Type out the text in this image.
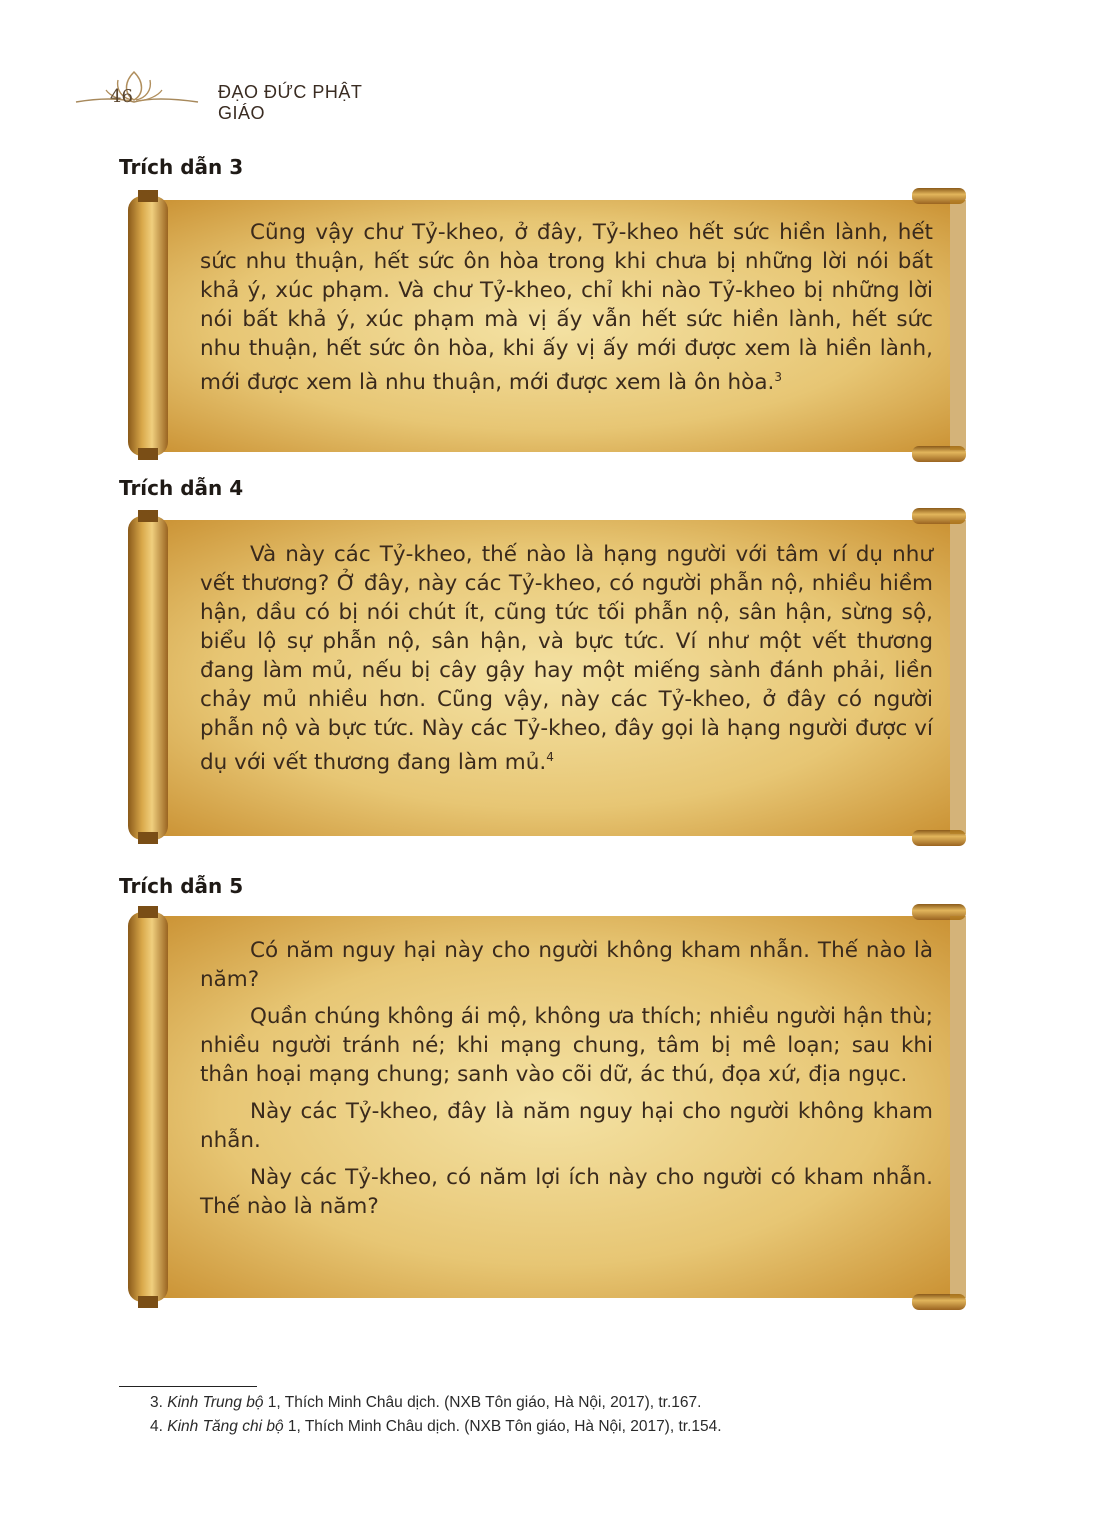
46	ĐẠO ĐỨC PHẬT GIÁO
Trích dẫn 3

Cũng vậy chư Tỷ-kheo, ở đây, Tỷ-kheo hết sức hiền lành, hết sức nhu thuận, hết sức ôn hòa trong khi chưa bị những lời nói bất khả ý, xúc phạm. Và chư Tỷ-kheo, chỉ khi nào Tỷ-kheo bị những lời nói bất khả ý, xúc phạm mà vị ấy vẫn hết sức hiền lành, hết sức nhu thuận, hết sức ôn hòa, khi ấy vị ấy mới được xem là hiền lành, mới được xem là nhu thuận, mới được xem là ôn hòa.$^3$

Trích dẫn 4

Và này các Tỷ-kheo, thế nào là hạng người với tâm ví dụ như vết thương? Ở đây, này các Tỷ-kheo, có người phẫn nộ, nhiều hiềm hận, dầu có bị nói chút ít, cũng tức tối phẫn nộ, sân hận, sừng sộ, biểu lộ sự phẫn nộ, sân hận, và bực tức. Ví như một vết thương đang làm mủ, nếu bị cây gậy hay một miếng sành đánh phải, liền chảy mủ nhiều hơn. Cũng vậy, này các Tỷ-kheo, ở đây có người phẫn nộ và bực tức. Này các Tỷ-kheo, đây gọi là hạng người được ví dụ với vết thương đang làm mủ.$^4$

Trích dẫn 5

Có năm nguy hại này cho người không kham nhẫn. Thế nào là năm?

Quần chúng không ái mộ, không ưa thích; nhiều người hận thù; nhiều người tránh né; khi mạng chung, tâm bị mê loạn; sau khi thân hoại mạng chung; sanh vào cõi dữ, ác thú, đọa xứ, địa ngục.

Này các Tỷ-kheo, đây là năm nguy hại cho người không kham nhẫn.

Này các Tỷ-kheo, có năm lợi ích này cho người có kham nhẫn. Thế nào là năm?

3. Kinh Trung bộ 1, Thích Minh Châu dịch. (NXB Tôn giáo, Hà Nội, 2017), tr.167.
4. Kinh Tăng chi bộ 1, Thích Minh Châu dịch. (NXB Tôn giáo, Hà Nội, 2017), tr.154.
